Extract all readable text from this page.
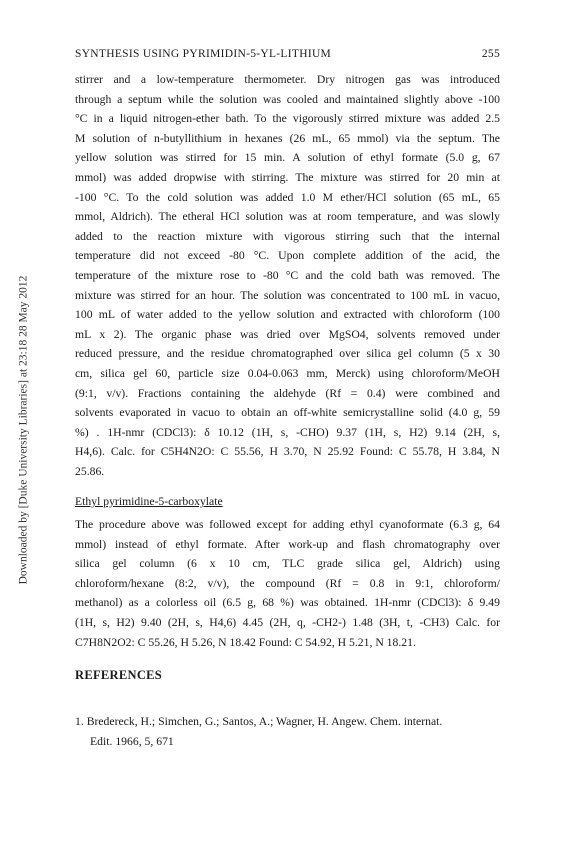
Downloaded by [Duke University Libraries] at 23:18 28 May 2012
SYNTHESIS USING PYRIMIDIN-5-YL-LITHIUM	255
stirrer and a low-temperature thermometer. Dry nitrogen gas was introduced
through a septum while the solution was cooled and maintained slightly above -100
°C in a liquid nitrogen-ether bath. To the vigorously stirred mixture was added 2.5
M solution of n-butyllithium in hexanes (26 mL, 65 mmol) via the septum. The
yellow solution was stirred for 15 min. A solution of ethyl formate (5.0 g, 67
mmol) was added dropwise with stirring. The mixture was stirred for 20 min at
-100 °C. To the cold solution was added 1.0 M ether/HCl solution (65 mL, 65
mmol, Aldrich). The etheral HCl solution was at room temperature, and was slowly
added to the reaction mixture with vigorous stirring such that the internal
temperature did not exceed -80 °C. Upon complete addition of the acid, the
temperature of the mixture rose to -80 °C and the cold bath was removed. The
mixture was stirred for an hour. The solution was concentrated to 100 mL in vacuo,
100 mL of water added to the yellow solution and extracted with chloroform (100
mL x 2). The organic phase was dried over MgSO4, solvents removed under
reduced pressure, and the residue chromatographed over silica gel column (5 x 30
cm, silica gel 60, particle size 0.04-0.063 mm, Merck) using chloroform/MeOH
(9:1, v/v). Fractions containing the aldehyde (Rf = 0.4) were combined and
solvents evaporated in vacuo to obtain an off-white semicrystalline solid (4.0 g, 59
%) . 1H-nmr (CDCl3): δ 10.12 (1H, s, -CHO) 9.37 (1H, s, H2) 9.14 (2H, s,
H4,6). Calc. for C5H4N2O: C 55.56, H 3.70, N 25.92 Found: C 55.78, H 3.84, N
25.86.
Ethyl pyrimidine-5-carboxylate
The procedure above was followed except for adding ethyl cyanoformate (6.3 g, 64
mmol) instead of ethyl formate. After work-up and flash chromatography over
silica gel column (6 x 10 cm, TLC grade silica gel, Aldrich) using
chloroform/hexane (8:2, v/v), the compound (Rf = 0.8 in 9:1, chloroform/
methanol) as a colorless oil (6.5 g, 68 %) was obtained. 1H-nmr (CDCl3): δ 9.49
(1H, s, H2) 9.40 (2H, s, H4,6) 4.45 (2H, q, -CH2-) 1.48 (3H, t, -CH3) Calc. for
C7H8N2O2: C 55.26, H 5.26, N 18.42 Found: C 54.92, H 5.21, N 18.21.
REFERENCES
1. Bredereck, H.; Simchen, G.; Santos, A.; Wagner, H. Angew. Chem. internat.
Edit. 1966, 5, 671
